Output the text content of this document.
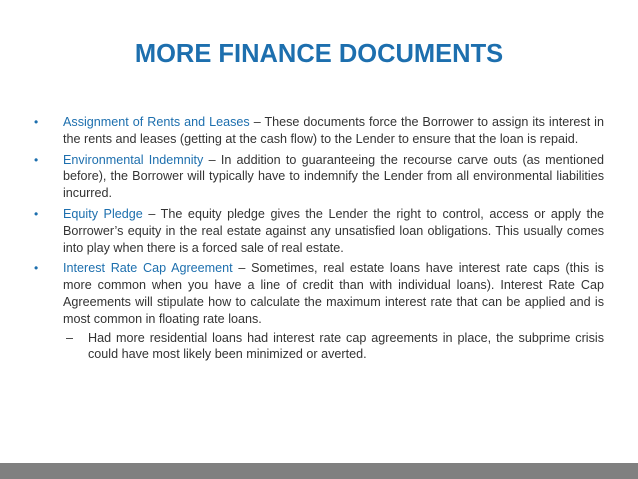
MORE FINANCE DOCUMENTS
•	Assignment of Rents and Leases – These documents force the Borrower to assign its interest in the rents and leases (getting at the cash flow) to the Lender to ensure that the loan is repaid.
•	Environmental Indemnity – In addition to guaranteeing the recourse carve outs (as mentioned before), the Borrower will typically have to indemnify the Lender from all environmental liabilities incurred.
•	Equity Pledge – The equity pledge gives the Lender the right to control, access or apply the Borrower’s equity in the real estate against any unsatisfied loan obligations. This usually comes into play when there is a forced sale of real estate.
•	Interest Rate Cap Agreement – Sometimes, real estate loans have interest rate caps (this is more common when you have a line of credit than with individual loans). Interest Rate Cap Agreements will stipulate how to calculate the maximum interest rate that can be applied and is most common in floating rate loans.
– Had more residential loans had interest rate cap agreements in place, the subprime crisis could have most likely been minimized or averted.
